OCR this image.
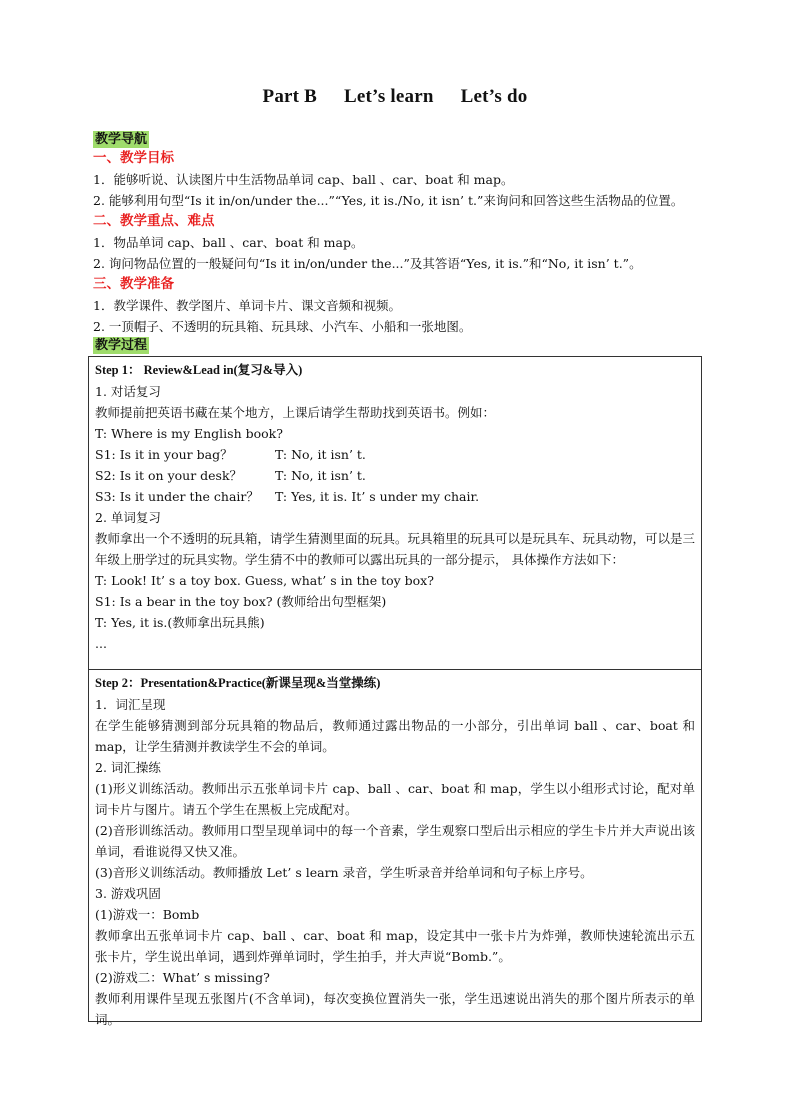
Part B Let’s learn Let’s do
教学导航
一、教学目标
1．能够听说、认读图片中生活物品单词 cap、ball 、car、boat 和 map。
2. 能够利用句型“Is it in/on/under the...”“Yes, it is./No, it isn’ t.”来询问和回答这些生活物品的位置。
二、教学重点、难点
1．物品单词 cap、ball 、car、boat 和 map。
2. 询问物品位置的一般疑问句“Is it in/on/under the...”及其答语“Yes, it is.”和“No, it isn’ t.”。
三、教学准备
1．教学课件、教学图片、单词卡片、课文音频和视频。
2. 一顶帽子、不透明的玩具箱、玩具球、小汽车、小船和一张地图。
教学过程
Step 1： Review&Lead in(复习&导入)
1. 对话复习
教师提前把英语书藏在某个地方，上课后请学生帮助找到英语书。例如：
T: Where is my English book?
S1: Is it in your bag？	T: No, it isn’ t.
S2: Is it on your desk？	T: No, it isn’ t.
S3: Is it under the chair？	T: Yes, it is. It’ s under my chair.
2. 单词复习
教师拿出一个不透明的玩具箱，请学生猜测里面的玩具。玩具箱里的玩具可以是玩具车、玩具动物，可以是三年级上册学过的玩具实物。学生猜不中的教师可以露出玩具的一部分提示， 具体操作方法如下：
T: Look! It’ s a toy box. Guess, what’ s in the toy box?
S1: Is a bear in the toy box? (教师给出句型框架)
T: Yes, it is.(教师拿出玩具熊)
...
Step 2：Presentation&Practice(新课呈现&当堂操练)
1．词汇呈现
在学生能够猜测到部分玩具箱的物品后，教师通过露出物品的一小部分，引出单词 ball 、car、boat 和 map，让学生猜测并教读学生不会的单词。
2. 词汇操练
(1)形义训练活动。教师出示五张单词卡片 cap、ball 、car、boat 和 map，学生以小组形式讨论，配对单词卡片与图片。请五个学生在黑板上完成配对。
(2)音形训练活动。教师用口型呈现单词中的每一个音素，学生观察口型后出示相应的学生卡片并大声说出该单词，看谁说得又快又准。
(3)音形义训练活动。教师播放 Let’ s learn 录音，学生听录音并给单词和句子标上序号。
3. 游戏巩固
(1)游戏一：Bomb
教师拿出五张单词卡片 cap、ball 、car、boat 和 map，设定其中一张卡片为炸弹，教师快速轮流出示五张卡片，学生说出单词，遇到炸弹单词时，学生拍手，并大声说“Bomb.”。
(2)游戏二：What’ s missing?
教师利用课件呈现五张图片(不含单词)，每次变换位置消失一张，学生迅速说出消失的那个图片所表示的单词。
